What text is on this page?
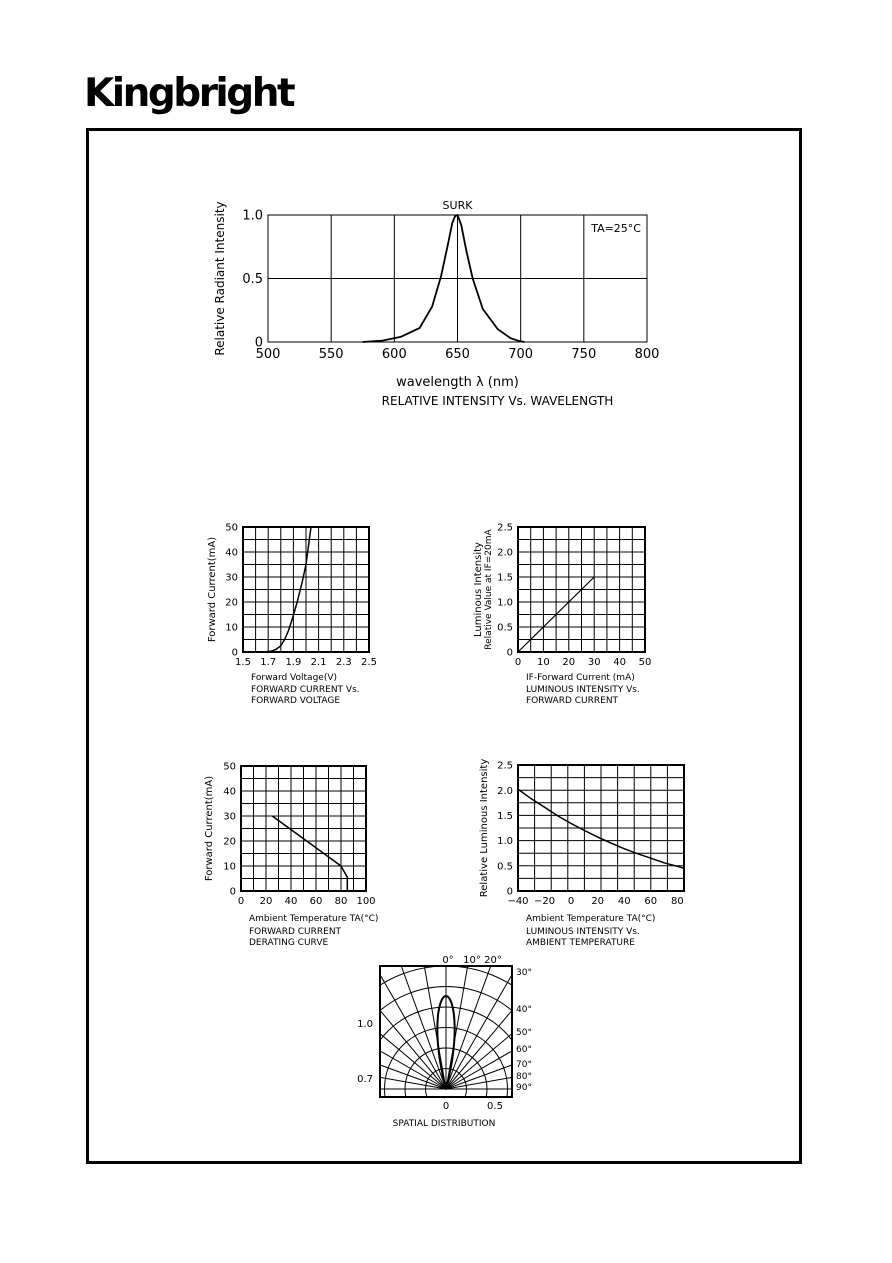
Kingbright
500	550	600	650	700	750	800
0
0.5
1.0
wavelength λ (nm)
Relative Radiant Intensity
RELATIVE INTENSITY Vs. WAVELENGTH
TA=25°C
SURK
1.5 1.7 1.9 2.1 2.3 2.5
0
10
20
30
40
50
Forward Voltage(V)
Forward Current(mA)
FORWARD CURRENT Vs.
FORWARD VOLTAGE
0 10 20 30 40 50
0
0.5
1.0
1.5
2.0
2.5
IF-Forward Current (mA)
Luminous Intensity Relative Value at IF=20mA
LUMINOUS INTENSITY Vs.
FORWARD CURRENT
0 20 40 60 80 100
0
10
20
30
40
50
Ambient Temperature TA(°C)
Forward Current(mA)
FORWARD CURRENT
DERATING CURVE
−40 −20 0 20 40 60 80
0
0.5
1.0
1.5
2.0
2.5
Ambient Temperature TA(°C)
Relative Luminous Intensity
LUMINOUS INTENSITY Vs.
AMBIENT TEMPERATURE
0° 10° 20°
30°
40°
50°
60°
70°
80°
90°
1.0
0.7
0	0.5
SPATIAL DISTRIBUTION
